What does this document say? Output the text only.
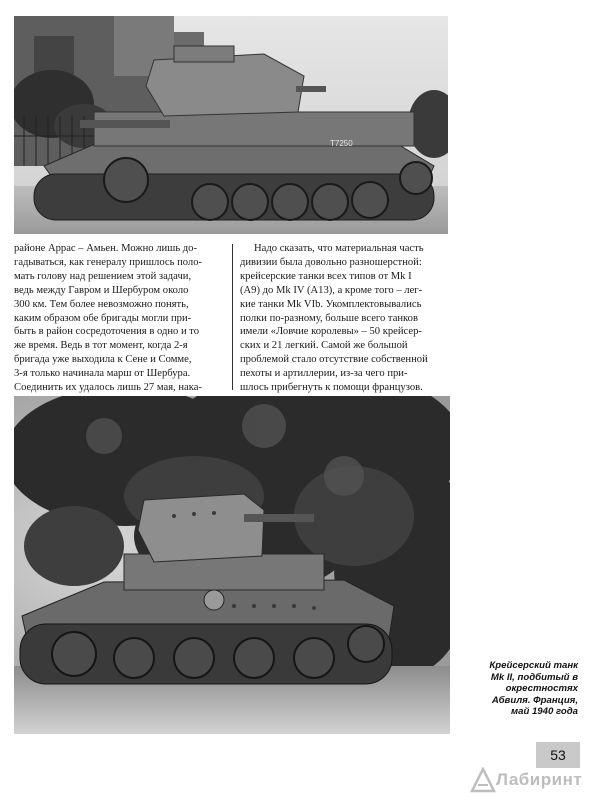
T7250

районе Аррас – Амьен. Можно лишь до-

гадываться, как генералу пришлось поло-

мать голову над решением этой задачи,

ведь между Гавром и Шербуром около

300 км. Тем более невозможно понять,

каким образом обе бригады могли при-

быть в район сосредоточения в одно и то

же время. Ведь в тот момент, когда 2-я

бригада уже выходила к Сене и Сомме,

3-я только начинала марш от Шербура.

Соединить их удалось лишь 27 мая, нака-

Надо сказать, что материальная часть

дивизии была довольно разношерстной:

крейсерские танки всех типов от Mk I

(A9) до Mk IV (A13), а кроме того – лег-

кие танки Mk VIb. Укомплектовывались

полки по-разному, больше всего танков

имели «Ловчие королевы» – 50 крейсер-

ских и 21 легкий. Самой же большой

проблемой стало отсутствие собственной

пехоты и артиллерии, из-за чего при-

шлось прибегнуть к помощи французов.

Крейсерский танк
Mk II, подбитый в
окрестностях
Абвиля. Франция,
май 1940 года
53
Лабиринт
